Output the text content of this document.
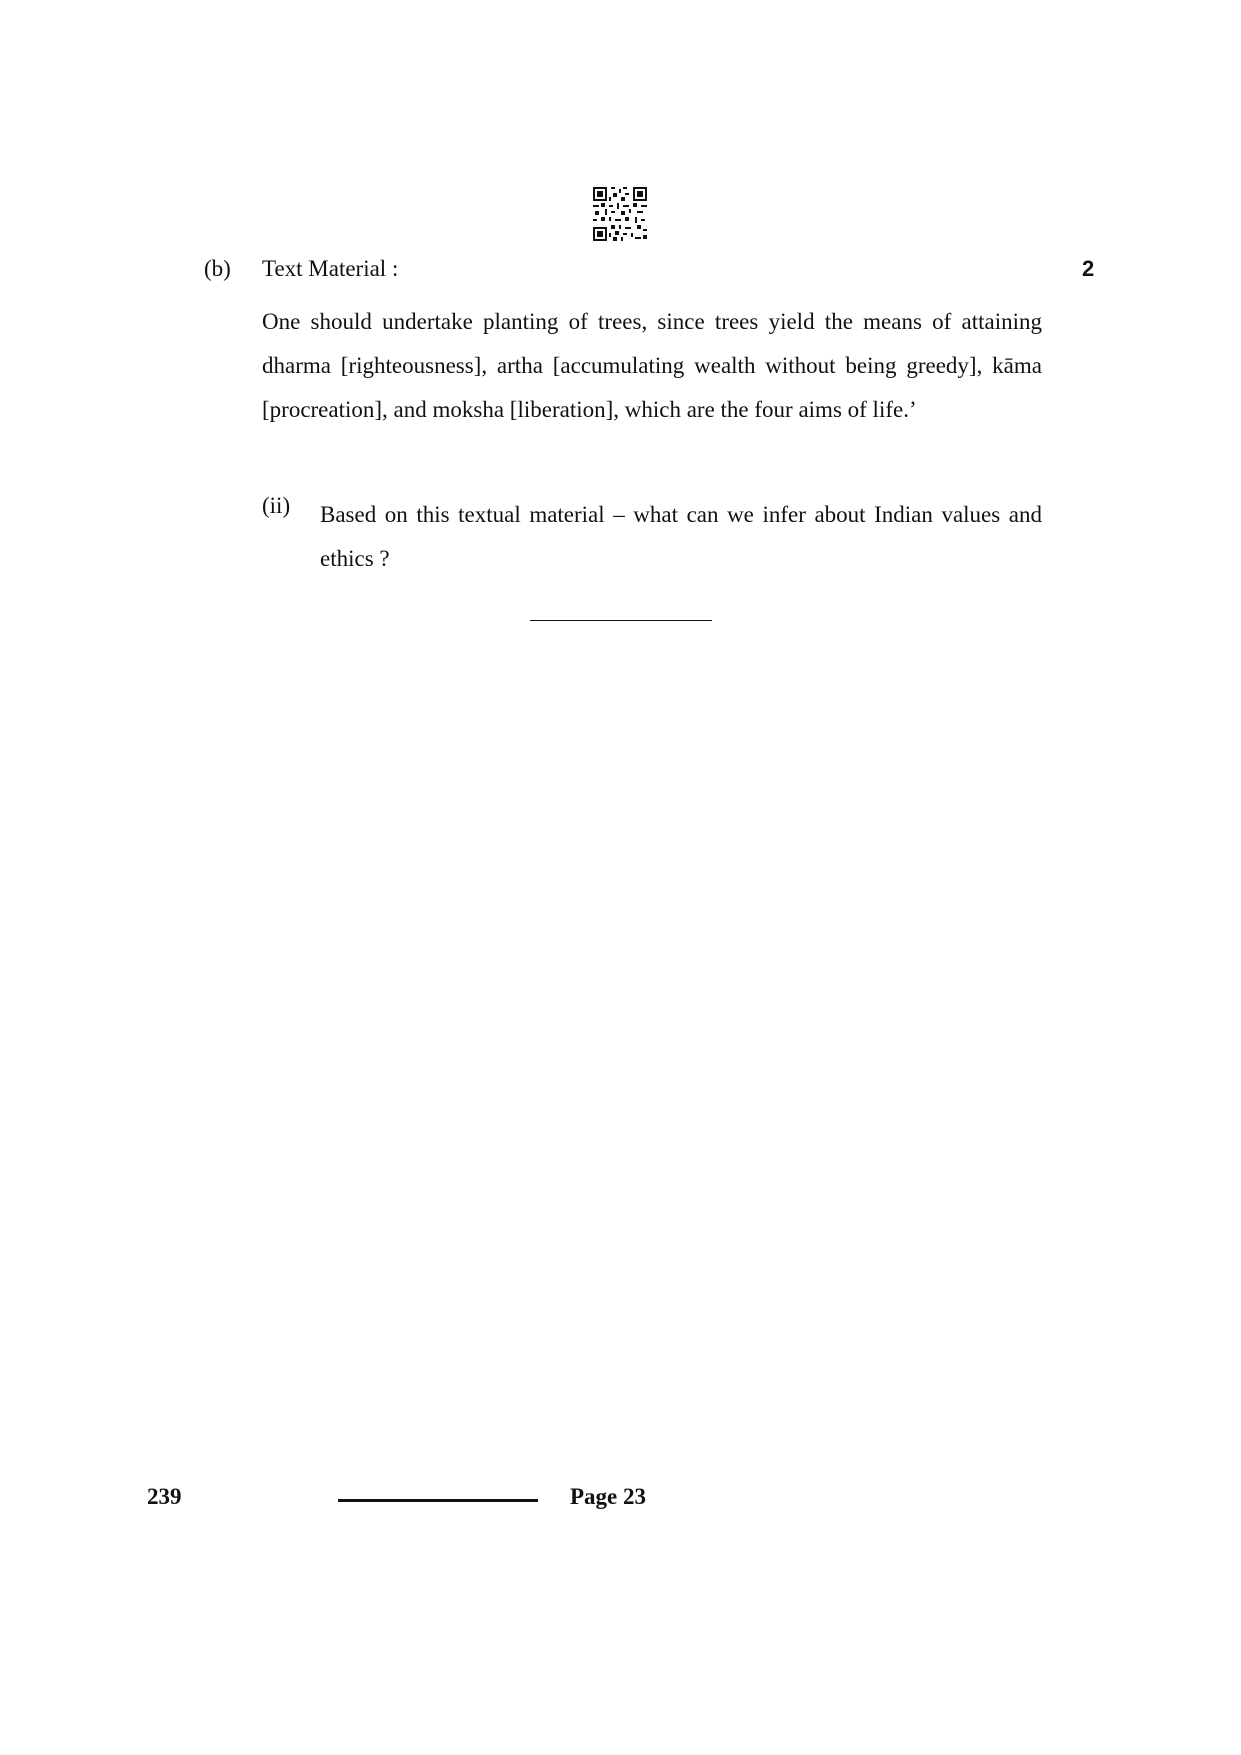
(b) Text Material :	2

One should undertake planting of trees, since trees yield the means of attaining dharma [righteousness], artha [accumulating wealth without being greedy], kāma [procreation], and moksha [liberation], which are the four aims of life.’

(ii) Based on this textual material – what can we infer about Indian values and ethics ?

239	Page 23
